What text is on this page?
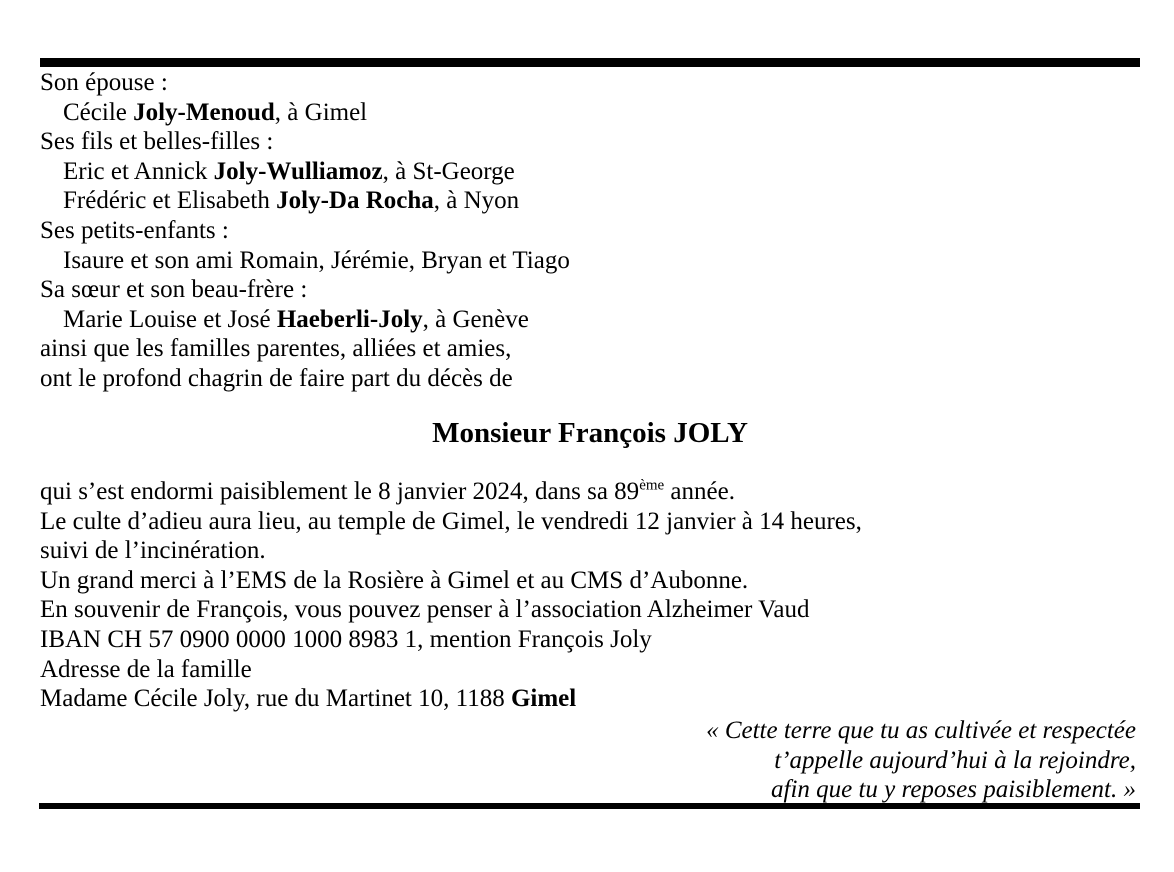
Son épouse :

Cécile Joly-Menoud, à Gimel

Ses fils et belles-filles :

Eric et Annick Joly-Wulliamoz, à St-George

Frédéric et Elisabeth Joly-Da Rocha, à Nyon

Ses petits-enfants :

Isaure et son ami Romain, Jérémie, Bryan et Tiago

Sa sœur et son beau-frère :

Marie Louise et José Haeberli-Joly, à Genève

ainsi que les familles parentes, alliées et amies,

ont le profond chagrin de faire part du décès de

Monsieur François JOLY

qui s’est endormi paisiblement le 8 janvier 2024, dans sa 89ème année.

Le culte d’adieu aura lieu, au temple de Gimel, le vendredi 12 janvier à 14 heures,

suivi de l’incinération.

Un grand merci à l’EMS de la Rosière à Gimel et au CMS d’Aubonne.

En souvenir de François, vous pouvez penser à l’association Alzheimer Vaud

IBAN CH 57 0900 0000 1000 8983 1, mention François Joly

Adresse de la famille

Madame Cécile Joly, rue du Martinet 10, 1188 Gimel

« Cette terre que tu as cultivée et respectée

t’appelle aujourd’hui à la rejoindre,

afin que tu y reposes paisiblement. »
